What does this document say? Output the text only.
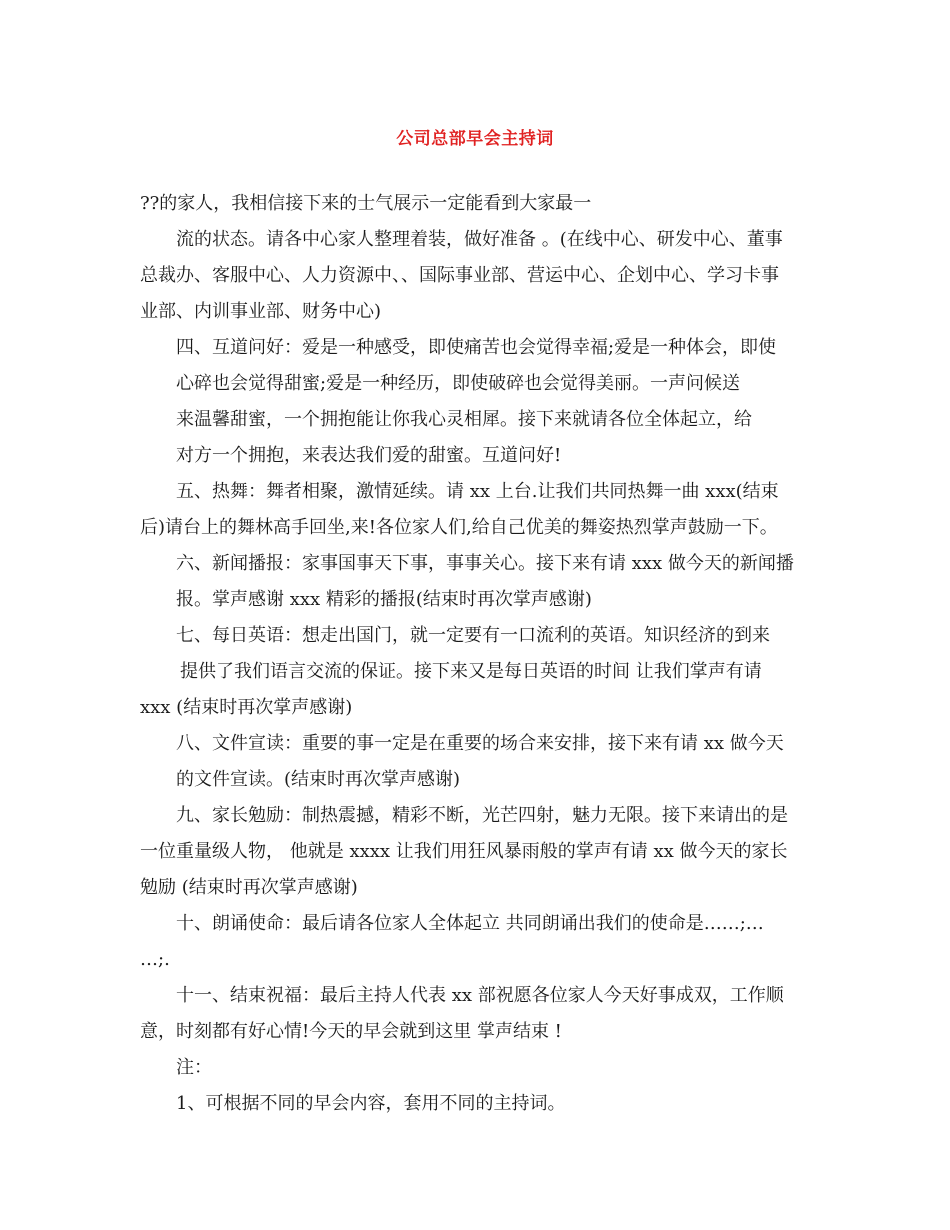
公司总部早会主持词
??的家人，我相信接下来的士气展示一定能看到大家最一
流的状态。请各中心家人整理着装，做好准备 。(在线中心、研发中心、董事
总裁办、客服中心、人力资源中、、国际事业部、营运中心、企划中心、学习卡事
业部、内训事业部、财务中心)
四、互道问好：爱是一种感受，即使痛苦也会觉得幸福;爱是一种体会，即使
心碎也会觉得甜蜜;爱是一种经历，即使破碎也会觉得美丽。一声问候送
来温馨甜蜜，一个拥抱能让你我心灵相犀。接下来就请各位全体起立，给
对方一个拥抱，来表达我们爱的甜蜜。互道问好!
五、热舞：舞者相聚，激情延续。请 xx 上台.让我们共同热舞一曲 xxx(结束
后)请台上的舞林高手回坐,来!各位家人们,给自己优美的舞姿热烈掌声鼓励一下。
六、新闻播报：家事国事天下事，事事关心。接下来有请 xxx 做今天的新闻播
报。掌声感谢 xxx 精彩的播报(结束时再次掌声感谢)
七、每日英语：想走出国门，就一定要有一口流利的英语。知识经济的到来
提供了我们语言交流的保证。接下来又是每日英语的时间 让我们掌声有请
xxx (结束时再次掌声感谢)
八、文件宣读：重要的事一定是在重要的场合来安排，接下来有请 xx 做今天
的文件宣读。(结束时再次掌声感谢)
九、家长勉励：制热震撼，精彩不断，光芒四射，魅力无限。接下来请出的是
一位重量级人物， 他就是 xxxx 让我们用狂风暴雨般的掌声有请 xx 做今天的家长
勉励 (结束时再次掌声感谢)
十、朗诵使命：最后请各位家人全体起立 共同朗诵出我们的使命是……;…
…;.
十一、结束祝福：最后主持人代表 xx 部祝愿各位家人今天好事成双，工作顺
意，时刻都有好心情!今天的早会就到这里 掌声结束 !
注：
1、可根据不同的早会内容，套用不同的主持词。
